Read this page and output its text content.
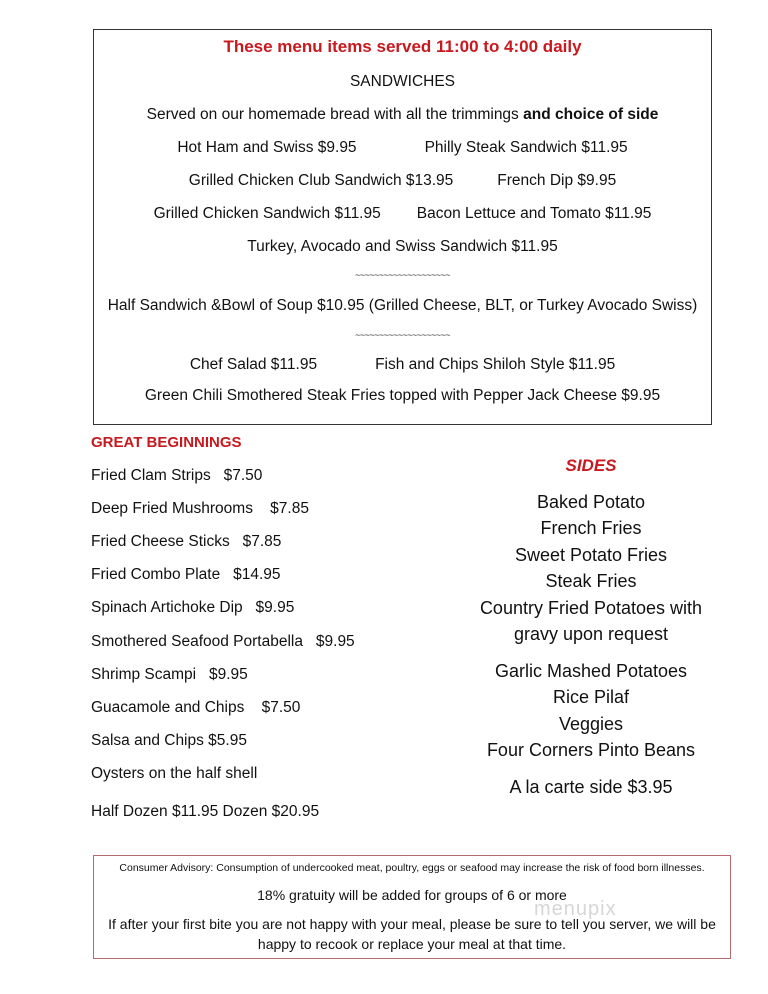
These menu items served 11:00 to 4:00 daily
SANDWICHES
Served on our homemade bread with all the trimmings and choice of side
Hot Ham and Swiss $9.95	Philly Steak Sandwich $11.95
Grilled Chicken Club Sandwich $13.95	French Dip $9.95
Grilled Chicken Sandwich $11.95 Bacon Lettuce and Tomato $11.95
Turkey, Avocado and Swiss Sandwich $11.95
~~~~~~~~~~~~~~~~~~~~
Half Sandwich &Bowl of Soup $10.95 (Grilled Cheese, BLT, or Turkey Avocado Swiss)
~~~~~~~~~~~~~~~~~~~~
Chef Salad $11.95	Fish and Chips Shiloh Style $11.95
Green Chili Smothered Steak Fries topped with Pepper Jack Cheese $9.95
GREAT BEGINNINGS
Fried Clam Strips   $7.50
Deep Fried Mushrooms    $7.85
Fried Cheese Sticks   $7.85
Fried Combo Plate   $14.95
Spinach Artichoke Dip   $9.95
Smothered Seafood Portabella   $9.95
Shrimp Scampi   $9.95
Guacamole and Chips    $7.50
Salsa and Chips $5.95
Oysters on the half shell
Half Dozen $11.95 Dozen $20.95
SIDES
Baked Potato
French Fries
Sweet Potato Fries
Steak Fries
Country Fried Potatoes with
gravy upon request
Garlic Mashed Potatoes
Rice Pilaf
Veggies
Four Corners Pinto Beans
A la carte side $3.95
Consumer Advisory: Consumption of undercooked meat, poultry, eggs or seafood may increase the risk of food born illnesses.
18% gratuity will be added for groups of 6 or more
menupix
If after your first bite you are not happy with your meal, please be sure to tell you server, we will be
happy to recook or replace your meal at that time.
